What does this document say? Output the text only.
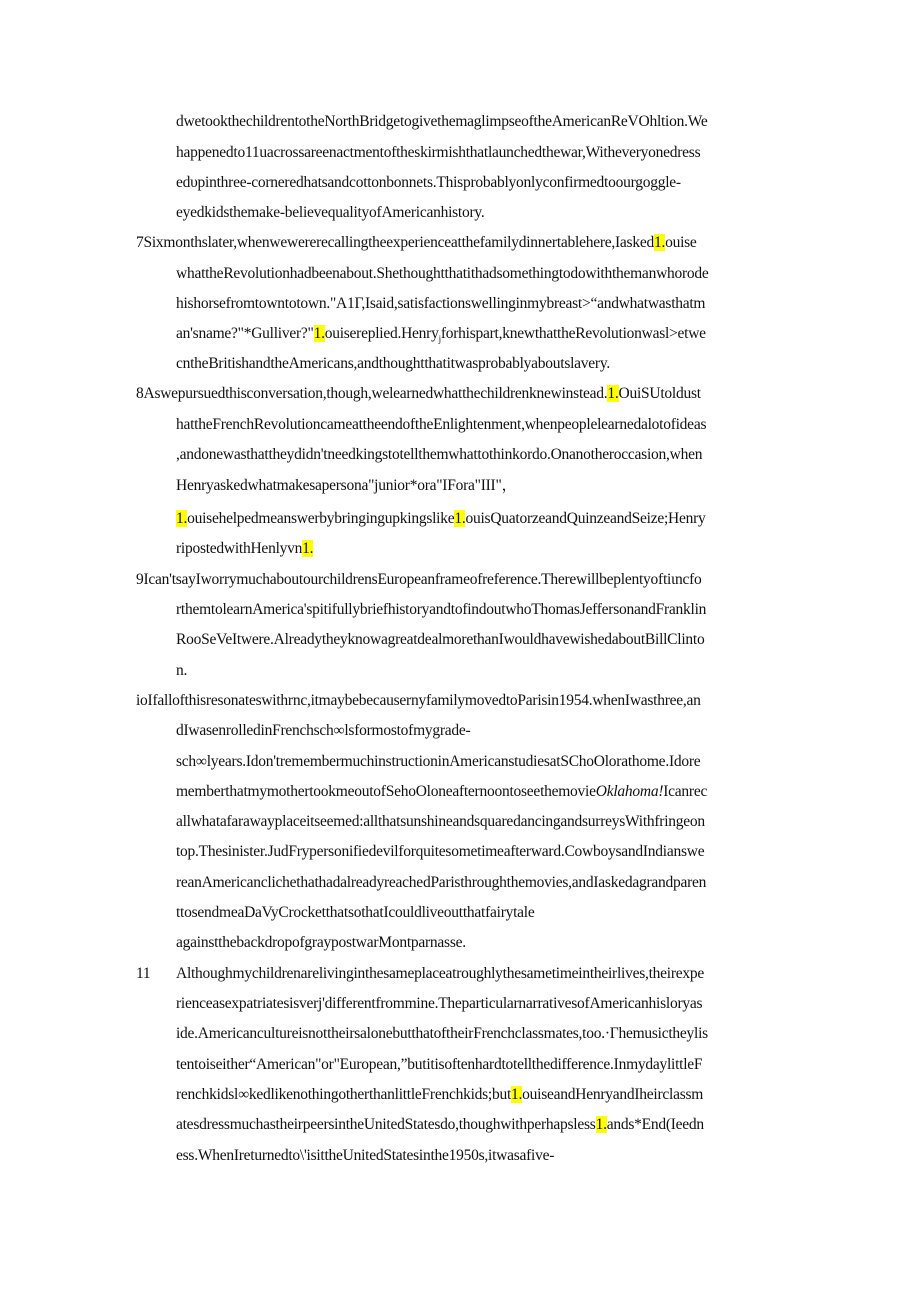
dwetookthechildrentotheNorthBridgetogivethemaglimpseoftheAmericanReVOhltion.We
happenedto11uacrossareenactmentoftheskirmishthatlaunchedthewar,Witheveryonedress
edυpinthree-corneredhatsandcottonbonnets.Thisprobablyonlyconfirmedtoourgoggle-
eyedkidsthemake-believequalityofAmericanhistory.
7Sixmonthslater,whenwewererecallingtheexperienceatthefamilydinnertablehere,Iasked1.ouise
whattheRevolutionhadbeenabout.Shethoughtthatithadsomethingtodowiththemanwhorode
hishorsefromtowntotown."A1Γ,Isaid,satisfactionswellinginmybreast>“andwhatwasthatm
an'sname?"*Gulliver?"1.ouisereplied.Henry$_j$forhispart,knewthattheRevolutionwasl>etwe
cntheBritishandtheAmericans,andthoughtthatitwasprobablyaboutslavery.
8Aswepursuedthisconversation,though,welearnedwhatthechildrenknewinstead.1.OuiSUtoldust
hattheFrenchRevolutioncameattheendoftheEnlightenment,whenpeoplelearnedalotofideas
,andonewasthattheydidn'tneedkingstotellthemwhattothinkordo.Onanotheroccasion,when
Henryaskedwhatmakesapersona"junior*ora"IFora"III"，
1.ouisehelpedmeanswerbybringingupkingslike1.ouisQuatorzeandQuinzeandSeize;Henry
ripostedwithHenlyvn1.
9Ican'tsayIworrymuchaboutourchildrensEuropeanframeofreference.Therewillbeplentyoftiιncfo
rthemtolearnAmerica'spitifullybriefhistoryandtofindoutwhoThomasJeffersonandFranklin
RooSeVeItwere.AlreadytheyknowagreatdealmorethanIwouldhavewishedaboutBillClinto
n.
ioIfallofthisresonateswithrnc,itmaybebecausernyfamilymovedtoParisin1954.whenIwasthree,an
dIwasenrolledinFrenchsch∞lsformostofmygrade-
sch∞lyears.Idon'trememberm​uchinstructioninAmericanstudiesatSChoOlorathome.Idore
memberthatmymothertookmeoutofSehoOloneafternoontoseethemovieOklahoma!Icanrec
allwhatafarawayplaceitseemed:allthatsunshineandsquaredancingandsurreysWithfringeon
top.Thesinister.JudFrypersonifiedevilforquitesometimeafterward.CowboysandIndianswe
reanAmericanclichethathadalreadyreachedParisthroughthemovies,andIaskedagrandparen
ttosendmeaDaVyCrocketthatsothatIcouldliveoutthatfairytale
againstthebackdropofgraypostwarMontparnasse.
11 Althoughmychildrenarelivinginthesameplaceatroughlythesametimeintheirlives,theirexpe
rienceasexpatriatesisverj'differentfrommine.TheparticularnarrativesofAmericanhisloryas
ide.AmericancultureisnottheirsalonebutthatoftheirFrenchclassmates,too.·Γhemusictheylis
tentoiseither“American"or"European,”butitisoftenhardtotellthedifference.InmydaylittleF
renchkidsl∞kedlikenothingotherthanlittleFrenchkids;but1.ouiseandHenryandIheirclassm
atesdressmuchastheirpeersintheUnitedStatesdo,thoughwithperhapsless1.ands*End(Ieedn
ess.WhenIreturnedto\'isittheUnitedStatesinthe1950s,itwasafive-
